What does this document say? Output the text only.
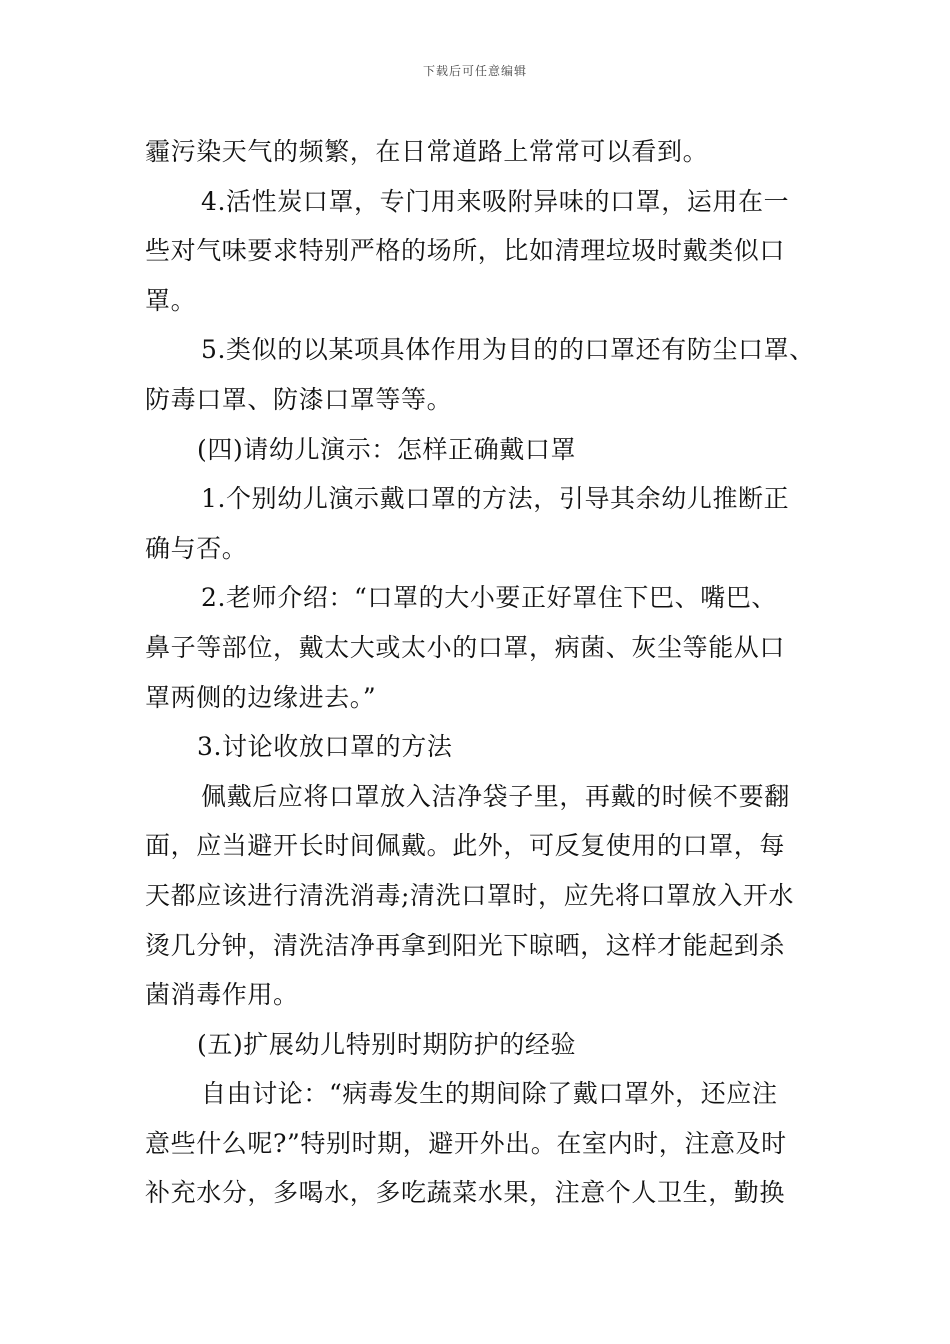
下载后可任意编辑

霾污染天气的频繁，在日常道路上常常可以看到。

4.活性炭口罩，专门用来吸附异味的口罩，运用在一

些对气味要求特别严格的场所，比如清理垃圾时戴类似口

罩。

5.类似的以某项具体作用为目的的口罩还有防尘口罩、

防毒口罩、防漆口罩等等。

(四)请幼儿演示：怎样正确戴口罩

1.个别幼儿演示戴口罩的方法，引导其余幼儿推断正

确与否。

2.老师介绍：“口罩的大小要正好罩住下巴、嘴巴、

鼻子等部位，戴太大或太小的口罩，病菌、灰尘等能从口

罩两侧的边缘进去。”

3.讨论收放口罩的方法

佩戴后应将口罩放入洁净袋子里，再戴的时候不要翻

面，应当避开长时间佩戴。此外，可反复使用的口罩，每

天都应该进行清洗消毒;清洗口罩时，应先将口罩放入开水

烫几分钟，清洗洁净再拿到阳光下晾晒，这样才能起到杀

菌消毒作用。

(五)扩展幼儿特别时期防护的经验

自由讨论：“病毒发生的期间除了戴口罩外，还应注

意些什么呢?”特别时期，避开外出。在室内时，注意及时

补充水分，多喝水，多吃蔬菜水果，注意个人卫生，勤换
